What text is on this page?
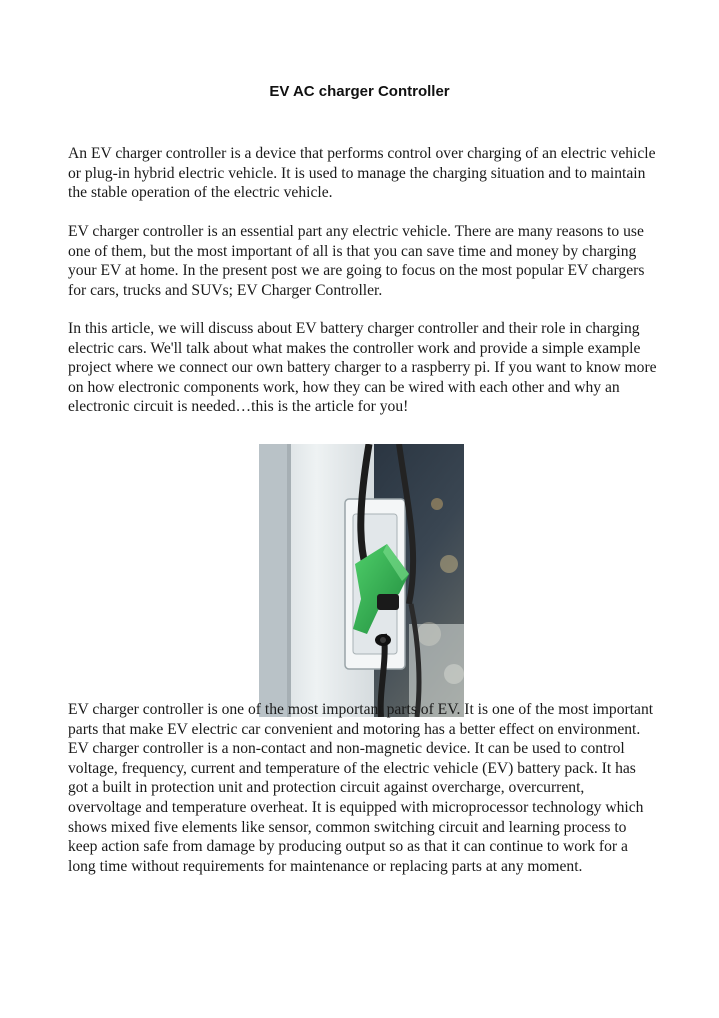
EV AC charger Controller

An EV charger controller is a device that performs control over charging of an electric vehicle or plug-in hybrid electric vehicle. It is used to manage the charging situation and to maintain the stable operation of the electric vehicle.

EV charger controller is an essential part any electric vehicle. There are many reasons to use one of them, but the most important of all is that you can save time and money by charging your EV at home. In the present post we are going to focus on the most popular EV chargers for cars, trucks and SUVs; EV Charger Controller.

In this article, we will discuss about EV battery charger controller and their role in charging electric cars. We'll talk about what makes the controller work and provide a simple example project where we connect our own battery charger to a raspberry pi. If you want to know more on how electronic components work, how they can be wired with each other and why an electronic circuit is needed…this is the article for you!

EV charger controller is one of the most important parts of EV. It is one of the most important parts that make EV electric car convenient and motoring has a better effect on environment. EV charger controller is a non-contact and non-magnetic device. It can be used to control voltage, frequency, current and temperature of the electric vehicle (EV) battery pack. It has got a built in protection unit and protection circuit against overcharge, overcurrent, overvoltage and temperature overheat. It is equipped with microprocessor technology which shows mixed five elements like sensor, common switching circuit and learning process to keep action safe from damage by producing output so as that it can continue to work for a long time without requirements for maintenance or replacing parts at any moment.
